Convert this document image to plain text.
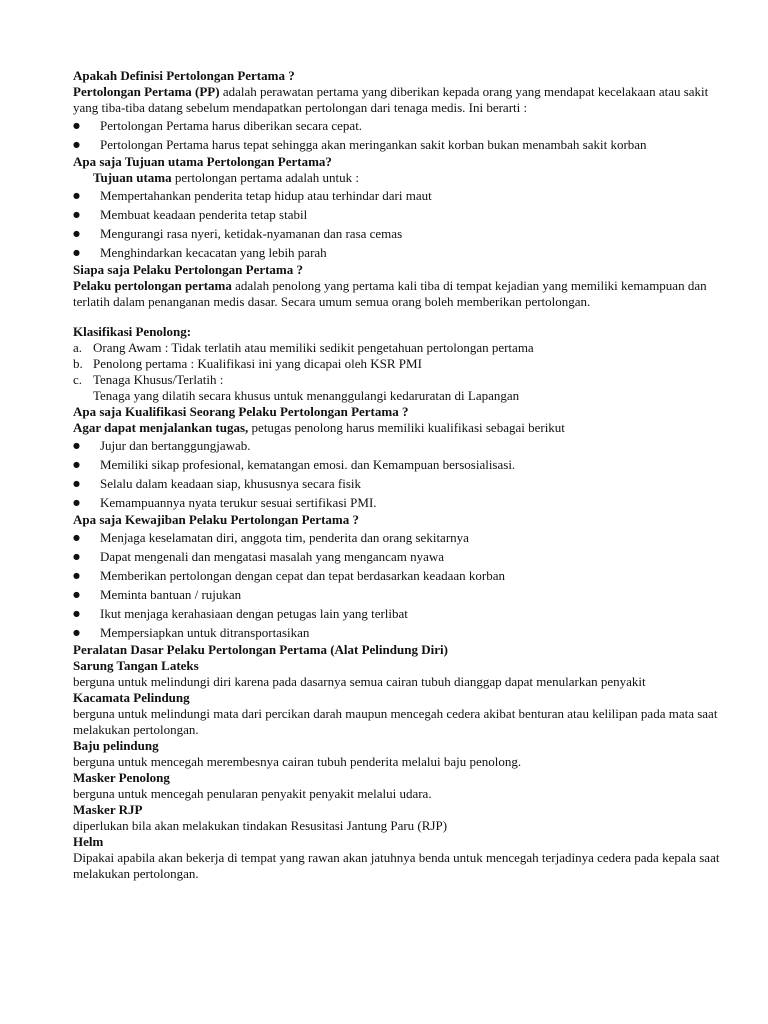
Apakah Definisi Pertolongan Pertama ?

Pertolongan Pertama (PP) adalah perawatan pertama yang diberikan kepada orang yang mendapat kecelakaan atau sakit yang tiba-tiba datang sebelum mendapatkan pertolongan dari tenaga medis. Ini berarti :

● Pertolongan Pertama harus diberikan secara cepat.
● Pertolongan Pertama harus tepat sehingga akan meringankan sakit korban bukan menambah sakit korban

Apa saja Tujuan utama Pertolongan Pertama?

Tujuan utama pertolongan pertama adalah untuk :

● Mempertahankan penderita tetap hidup atau terhindar dari maut
● Membuat keadaan penderita tetap stabil
● Mengurangi rasa nyeri, ketidak-nyamanan dan rasa cemas
● Menghindarkan kecacatan yang lebih parah

Siapa saja Pelaku Pertolongan Pertama ?

Pelaku pertolongan pertama adalah penolong yang pertama kali tiba di tempat kejadian yang memiliki kemampuan dan terlatih dalam penanganan medis dasar. Secara umum semua orang boleh memberikan pertolongan.

Klasifikasi Penolong:

a. Orang Awam : Tidak terlatih atau memiliki sedikit pengetahuan pertolongan pertama
b. Penolong pertama : Kualifikasi ini yang dicapai oleh KSR PMI
c. Tenaga Khusus/Terlatih :

Tenaga yang dilatih secara khusus untuk menanggulangi kedaruratan di Lapangan

Apa saja Kualifikasi Seorang Pelaku Pertolongan Pertama ?

Agar dapat menjalankan tugas, petugas penolong harus memiliki kualifikasi sebagai berikut

● Jujur dan bertanggungjawab.
● Memiliki sikap profesional, kematangan emosi. dan Kemampuan bersosialisasi.
● Selalu dalam keadaan siap, khususnya secara fisik
● Kemampuannya nyata terukur sesuai sertifikasi PMI.

Apa saja Kewajiban Pelaku Pertolongan Pertama ?

● Menjaga keselamatan diri, anggota tim, penderita dan orang sekitarnya
● Dapat mengenali dan mengatasi masalah yang mengancam nyawa
● Memberikan pertolongan dengan cepat dan tepat berdasarkan keadaan korban
● Meminta bantuan / rujukan
● Ikut menjaga kerahasiaan dengan petugas lain yang terlibat
● Mempersiapkan untuk ditransportasikan

Peralatan Dasar Pelaku Pertolongan Pertama (Alat Pelindung Diri)

Sarung Tangan Lateks

berguna untuk melindungi diri karena pada dasarnya semua cairan tubuh dianggap dapat menularkan penyakit

Kacamata Pelindung

berguna untuk melindungi mata dari percikan darah maupun mencegah cedera akibat benturan atau kelilipan pada mata saat melakukan pertolongan.

Baju pelindung

berguna untuk mencegah merembesnya cairan tubuh penderita melalui baju penolong.

Masker Penolong

berguna untuk mencegah penularan penyakit penyakit melalui udara.

Masker RJP

diperlukan bila akan melakukan tindakan Resusitasi Jantung Paru (RJP)

Helm

Dipakai apabila akan bekerja di tempat yang rawan akan jatuhnya benda untuk mencegah terjadinya cedera pada kepala saat melakukan pertolongan.
